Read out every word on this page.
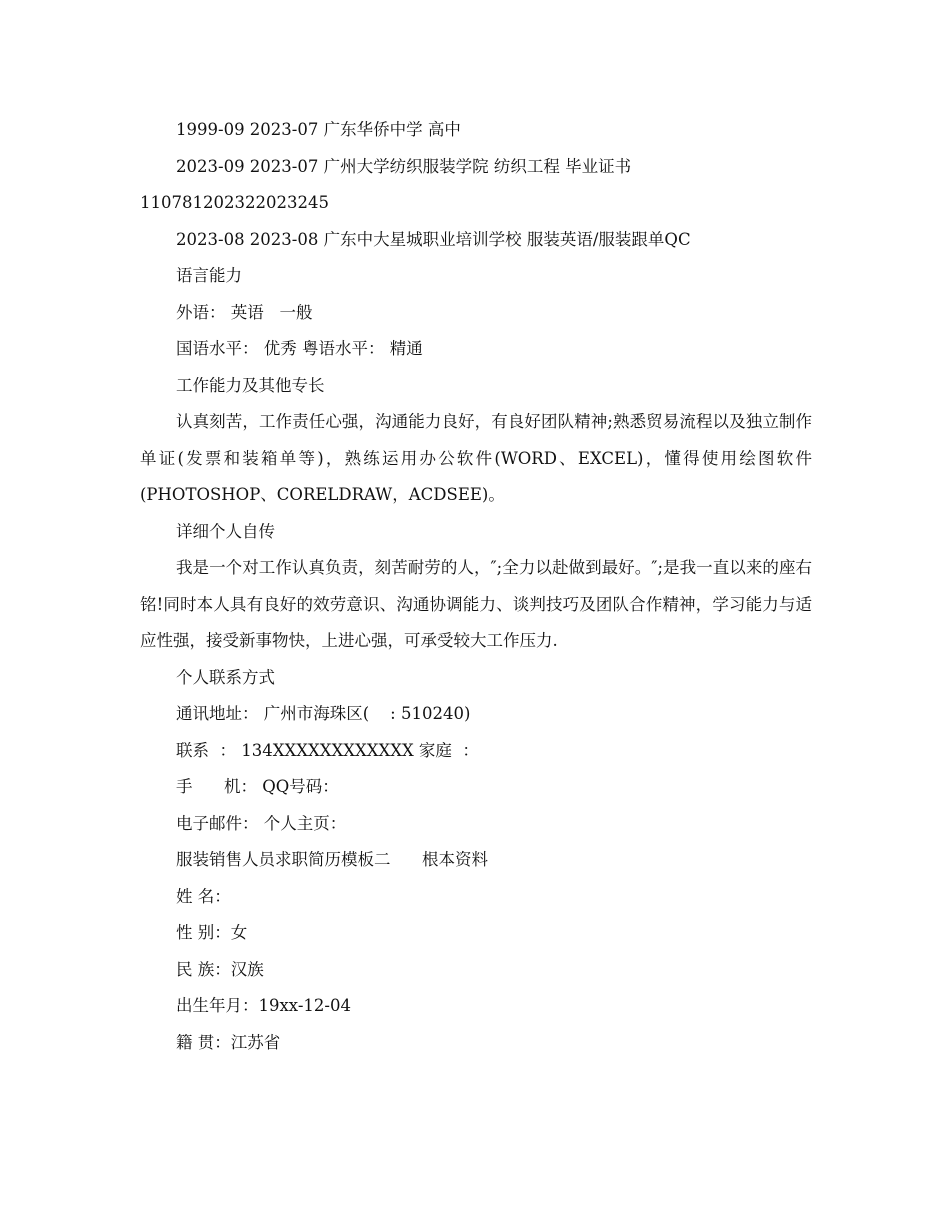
1999-09 2023-07 广东华侨中学 高中
2023-09 2023-07 广州大学纺织服装学院 纺织工程 毕业证书
110781202322023245
2023-08 2023-08 广东中大星城职业培训学校 服装英语/服装跟单QC
语言能力
外语： 英语   一般
国语水平： 优秀 粤语水平： 精通
工作能力及其他专长
认真刻苦，工作责任心强，沟通能力良好，有良好团队精神;熟悉贸易流程以及独立制作单证(发票和装箱单等)，熟练运用办公软件(WORD、EXCEL)，懂得使用绘图软件(PHOTOSHOP、CORELDRAW，ACDSEE)。
详细个人自传
我是一个对工作认真负责，刻苦耐劳的人，″;全力以赴做到最好。″;是我一直以来的座右铭!同时本人具有良好的效劳意识、沟通协调能力、谈判技巧及团队合作精神，学习能力与适应性强，接受新事物快，上进心强，可承受较大工作压力.
个人联系方式
通讯地址： 广州市海珠区(    : 510240)
联系  ： 134XXXXXXXXXXXX 家庭  ：
手      机： QQ号码：
电子邮件： 个人主页：
服装销售人员求职简历模板二      根本资料
姓 名：
性 别：女
民 族：汉族
出生年月：19xx-12-04
籍 贯：江苏省
